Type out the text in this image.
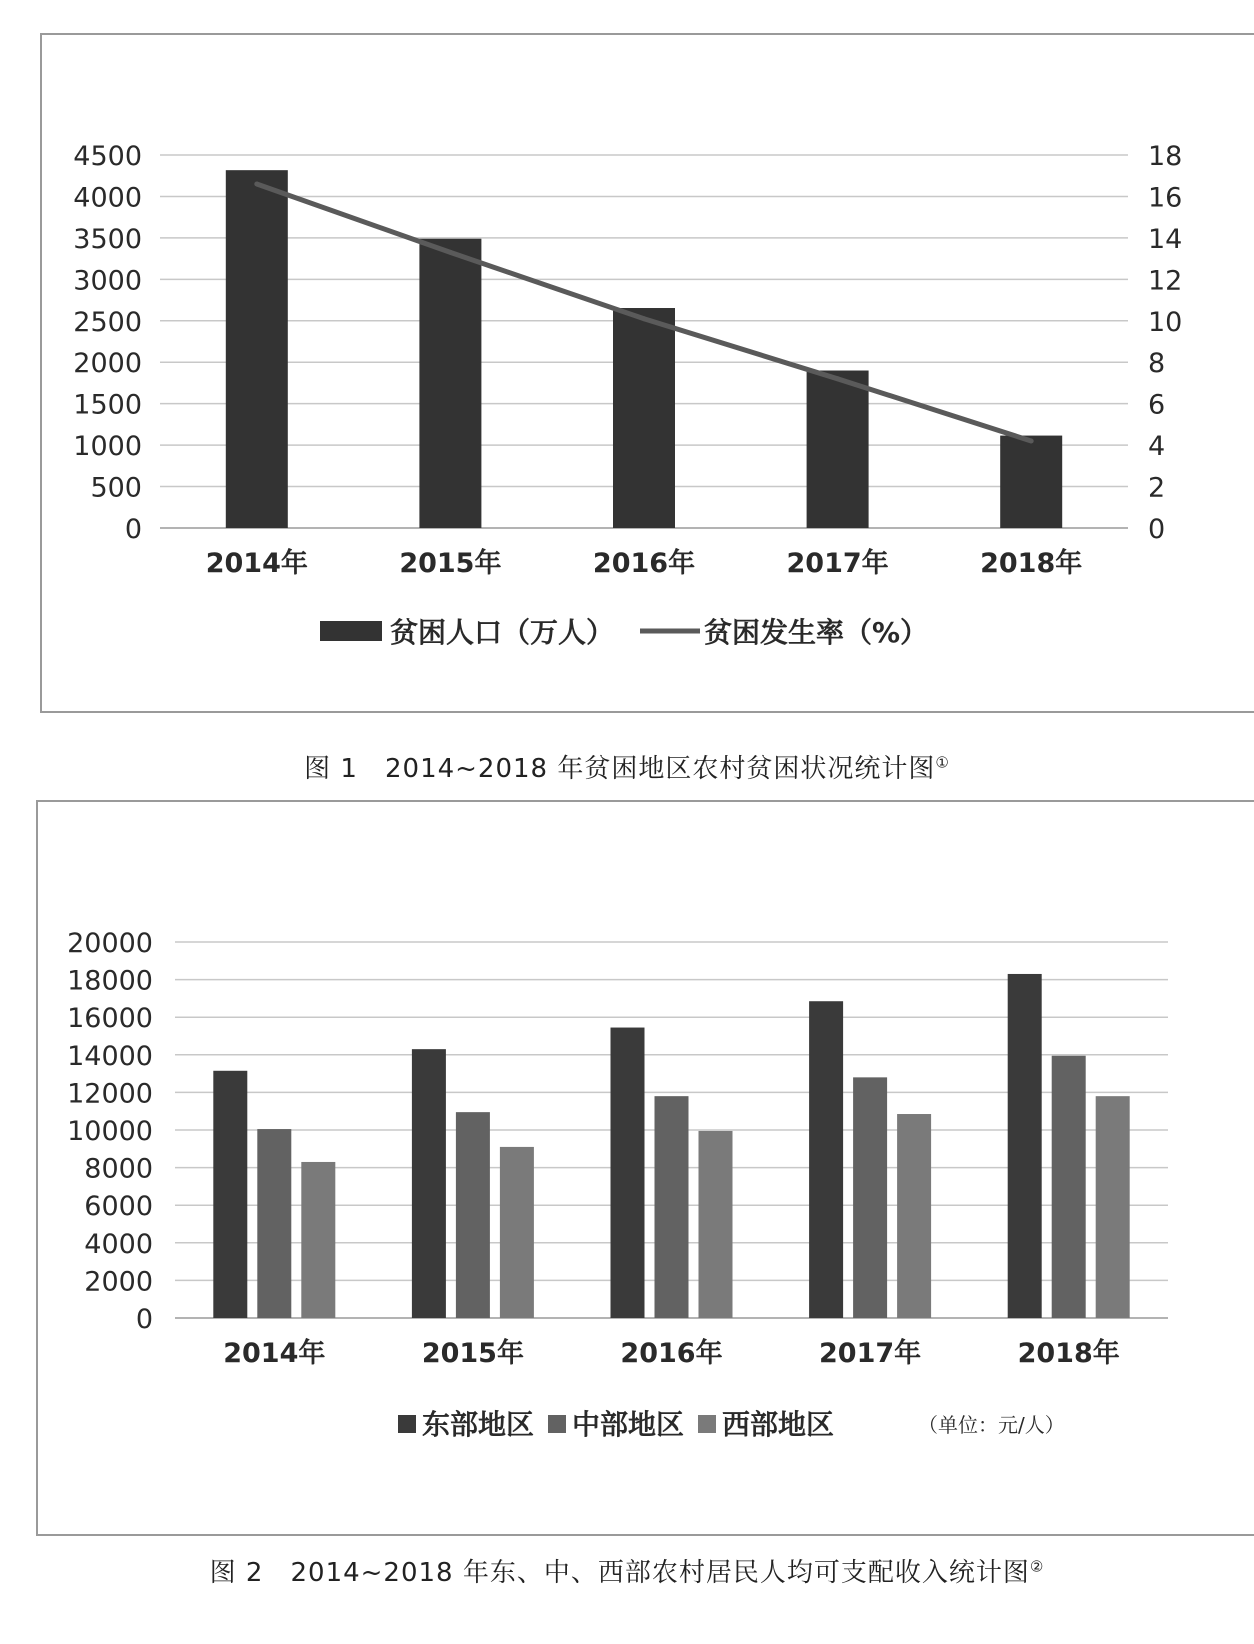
0
500
1000
1500
2000
2500
3000
3500
4000
4500
0
2
4
6
8
10
12
14
16
18
2014年	2015年	2016年	2017年	2018年
贫困人口（万人）	贫困发生率（%）
图 1　2014~2018 年贫困地区农村贫困状况统计图①
0
2000
4000
6000
8000
10000
12000
14000
16000
18000
20000
2014年	2015年	2016年	2017年	2018年
东部地区 中部地区 西部地区	（单位：元/人）
图 2　2014~2018 年东、中、西部农村居民人均可支配收入统计图②
